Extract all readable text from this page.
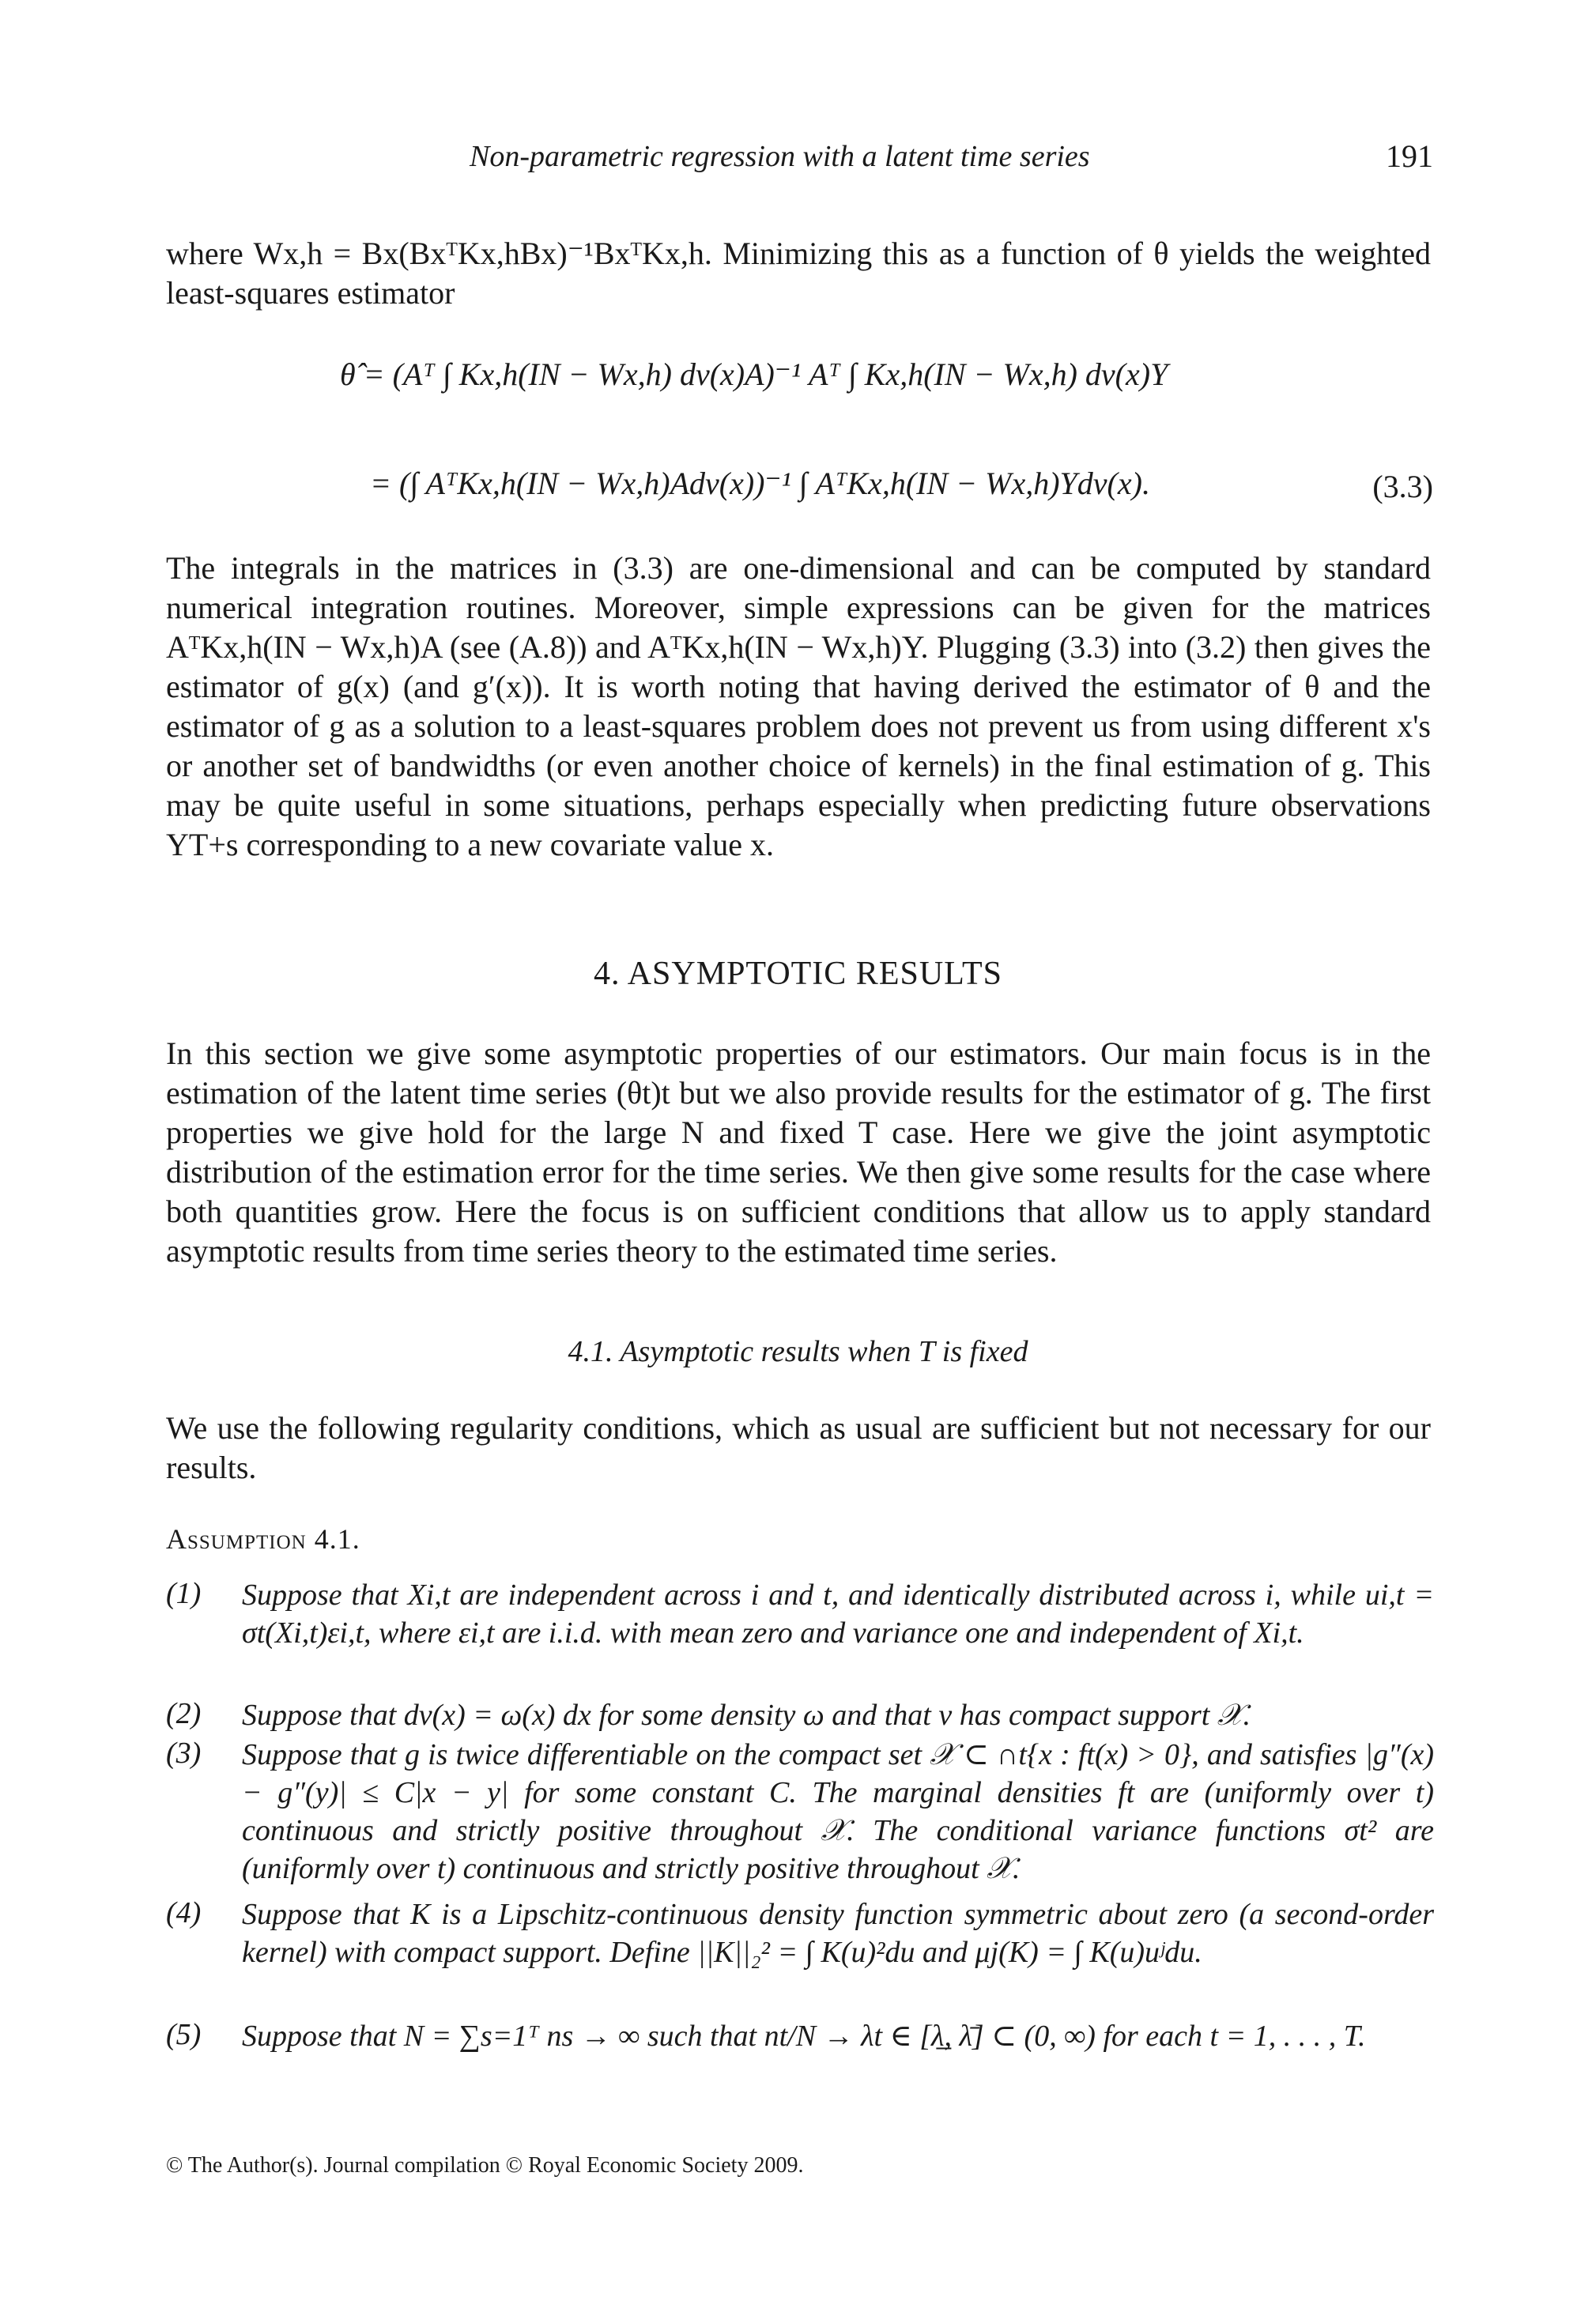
Non-parametric regression with a latent time series	191
where Wx,h = Bx(BxᵀKx,hBx)⁻¹BxᵀKx,h. Minimizing this as a function of θ yields the weighted least-squares estimator
θ̂ = (Aᵀ ∫ Kx,h(IN − Wx,h) dν(x)A)⁻¹ Aᵀ ∫ Kx,h(IN − Wx,h) dν(x)Y
= (∫ AᵀKx,h(IN − Wx,h)Adν(x))⁻¹ ∫ AᵀKx,h(IN − Wx,h)Ydν(x).	(3.3)
The integrals in the matrices in (3.3) are one-dimensional and can be computed by standard numerical integration routines. Moreover, simple expressions can be given for the matrices AᵀKx,h(IN − Wx,h)A (see (A.8)) and AᵀKx,h(IN − Wx,h)Y. Plugging (3.3) into (3.2) then gives the estimator of g(x) (and g′(x)). It is worth noting that having derived the estimator of θ and the estimator of g as a solution to a least-squares problem does not prevent us from using different x's or another set of bandwidths (or even another choice of kernels) in the final estimation of g. This may be quite useful in some situations, perhaps especially when predicting future observations YT+s corresponding to a new covariate value x.
4. ASYMPTOTIC RESULTS
In this section we give some asymptotic properties of our estimators. Our main focus is in the estimation of the latent time series (θt)t but we also provide results for the estimator of g. The first properties we give hold for the large N and fixed T case. Here we give the joint asymptotic distribution of the estimation error for the time series. We then give some results for the case where both quantities grow. Here the focus is on sufficient conditions that allow us to apply standard asymptotic results from time series theory to the estimated time series.
4.1. Asymptotic results when T is fixed
We use the following regularity conditions, which as usual are sufficient but not necessary for our results.
Assumption 4.1.
(1) Suppose that Xi,t are independent across i and t, and identically distributed across i, while ui,t = σt(Xi,t)εi,t, where εi,t are i.i.d. with mean zero and variance one and independent of Xi,t.
(2) Suppose that dν(x) = ω(x) dx for some density ω and that ν has compact support 𝒳.
(3) Suppose that g is twice differentiable on the compact set 𝒳 ⊂ ∩t{x : ft(x) > 0}, and satisfies |g″(x) − g″(y)| ≤ C|x − y| for some constant C. The marginal densities ft are (uniformly over t) continuous and strictly positive throughout 𝒳. The conditional variance functions σt² are (uniformly over t) continuous and strictly positive throughout 𝒳.
(4) Suppose that K is a Lipschitz-continuous density function symmetric about zero (a second-order kernel) with compact support. Define ||K||₂² = ∫ K(u)²du and μj(K) = ∫ K(u)uʲdu.
(5) Suppose that N = ∑s=1ᵀ ns → ∞ such that nt/N → λt ∈ [λ̲, λ̄] ⊂ (0, ∞) for each t = 1, . . . , T.
© The Author(s). Journal compilation © Royal Economic Society 2009.
